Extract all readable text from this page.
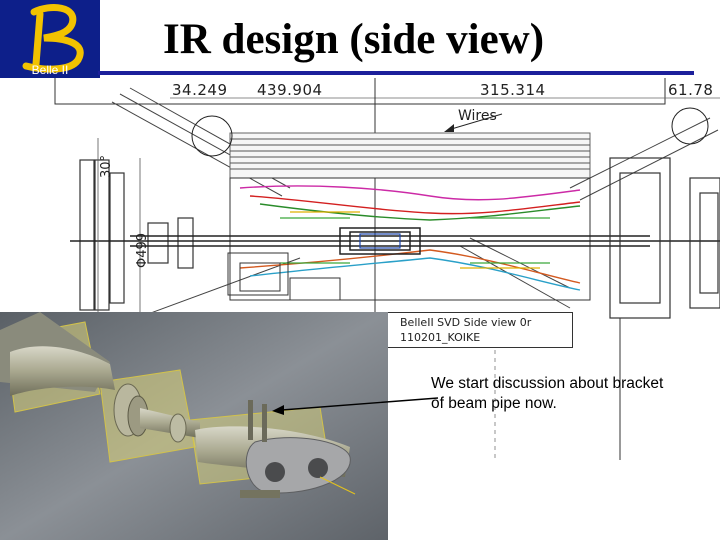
Belle II
IR design (side view)
30°
Φ499
34.249 439.904	315.314	61.78
Wires
BelleII SVD Side view 0r
110201_KOIKE
We start discussion about bracket
of beam pipe now.
